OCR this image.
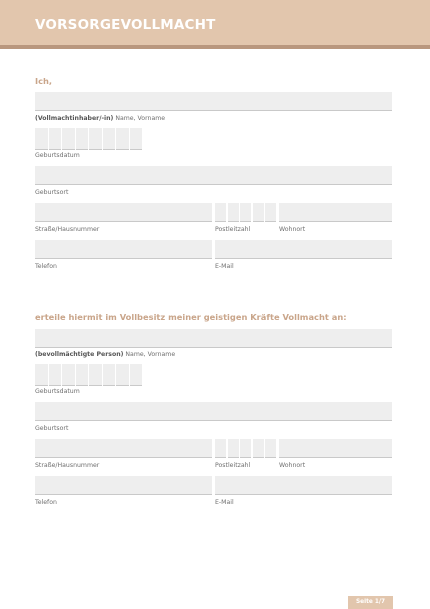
VORSORGEVOLLMACHT
Ich,
(Vollmachtinhaber/-in) Name, Vorname
Geburtsdatum
Geburtsort
Straße/Hausnummer	Postleitzahl	Wohnort
Telefon	E-Mail
erteile hiermit im Vollbesitz meiner geistigen Kräfte Vollmacht an:
(bevollmächtigte Person) Name, Vorname
Geburtsdatum
Geburtsort
Straße/Hausnummer	Postleitzahl	Wohnort
Telefon	E-Mail
Seite 1/7
